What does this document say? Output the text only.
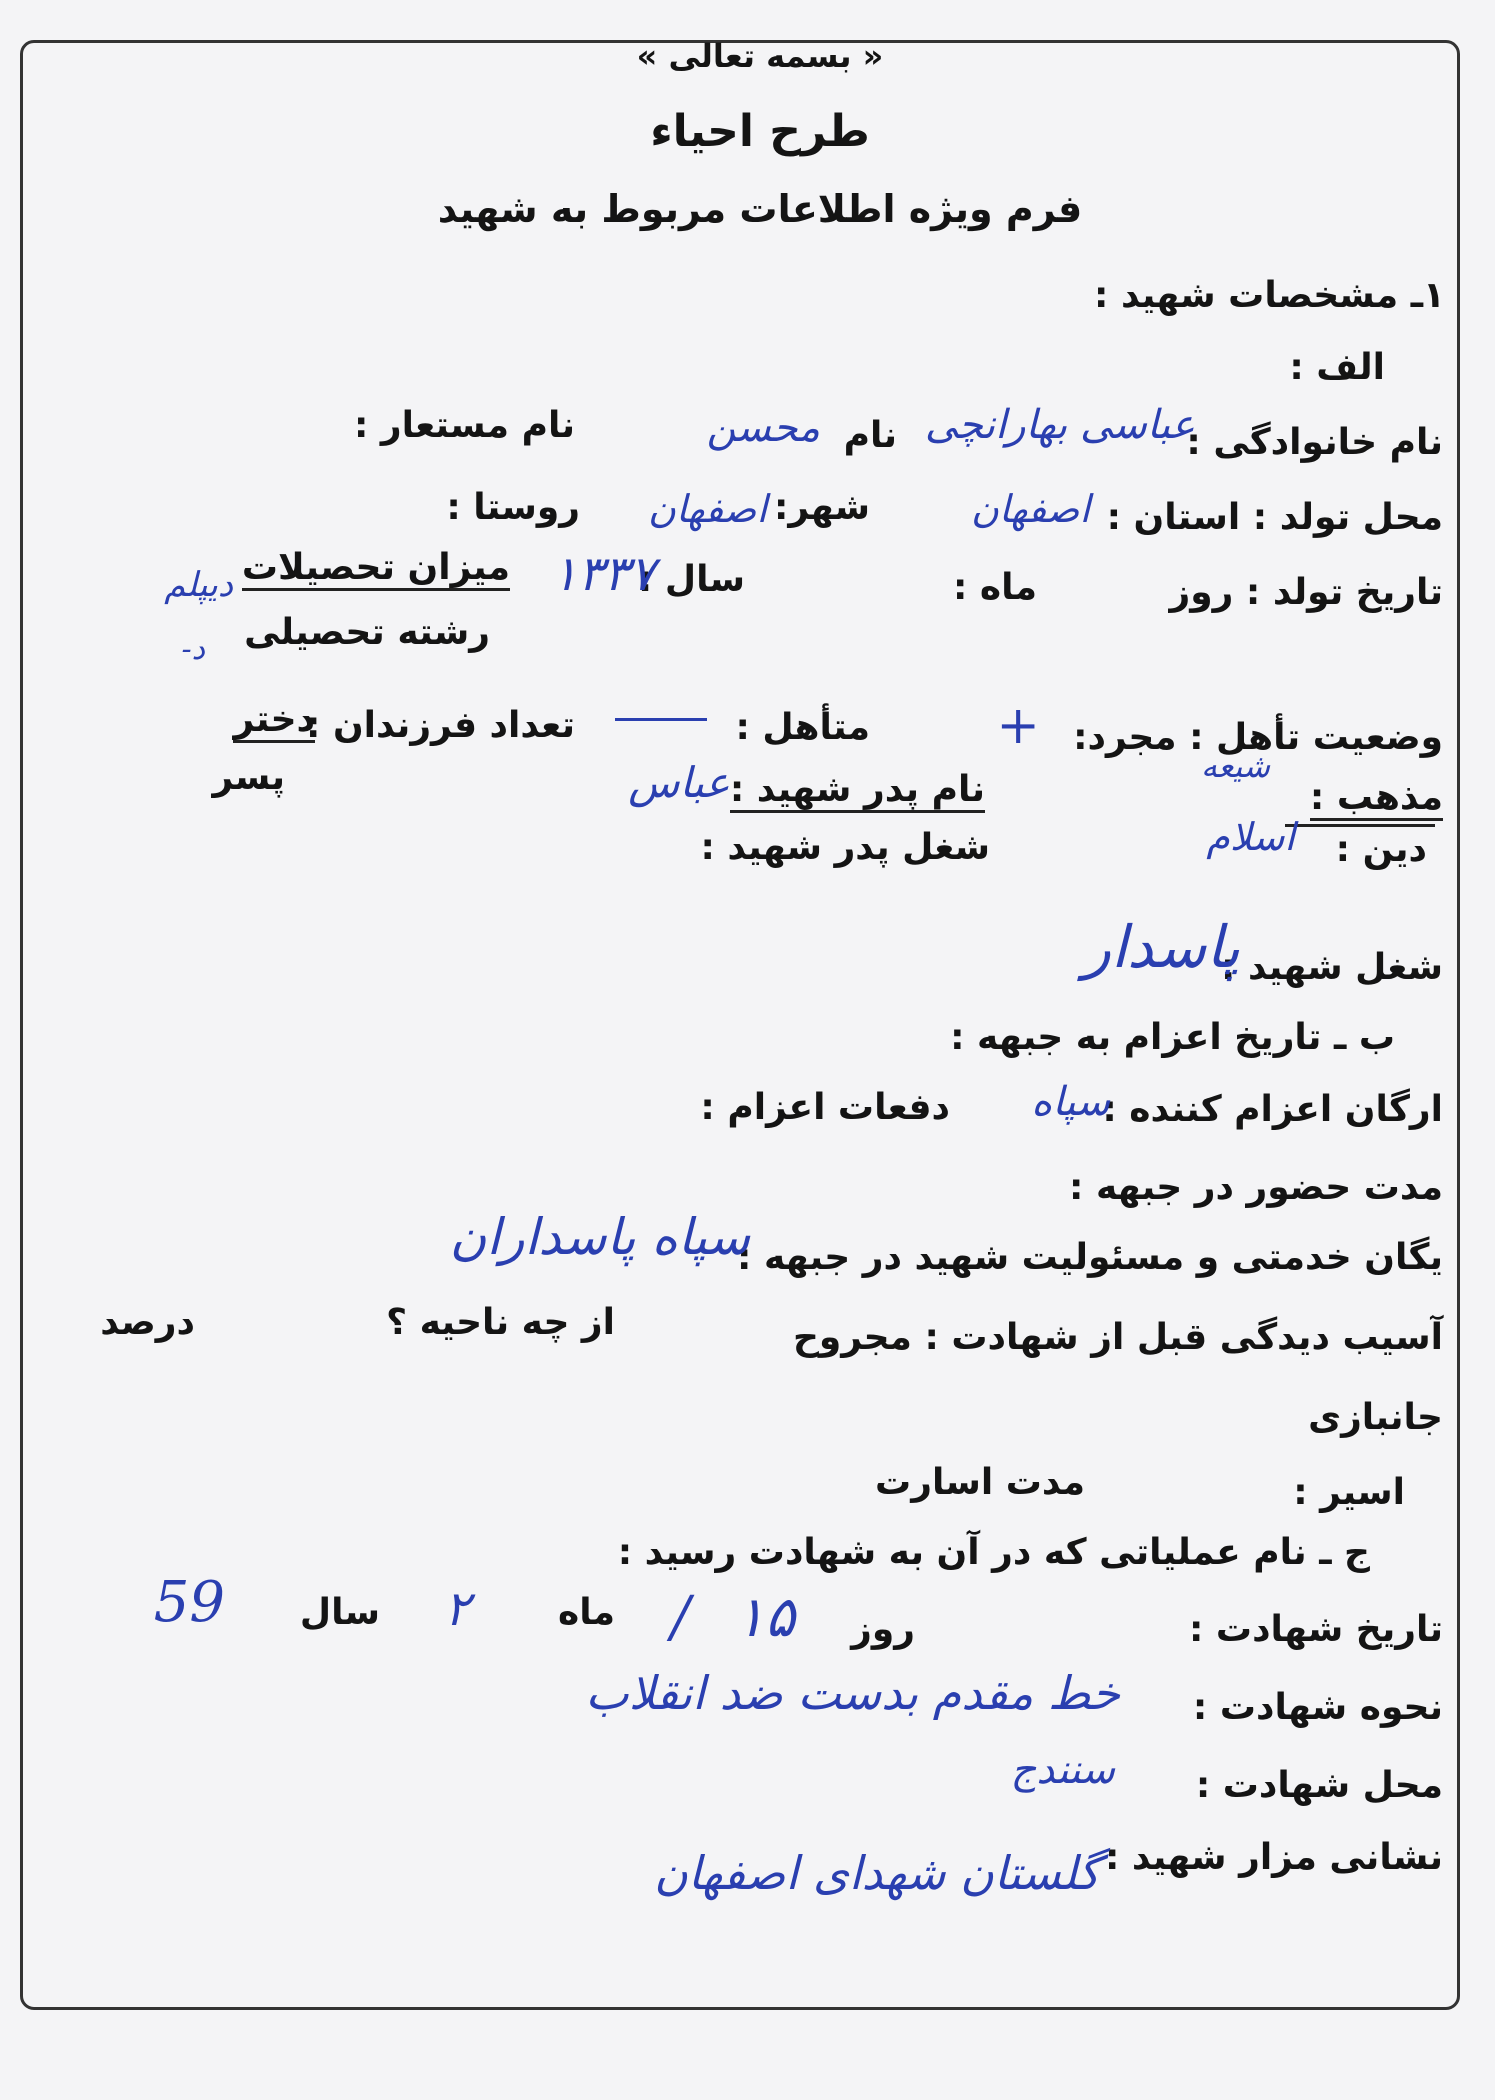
« بسمه تعالی »
طرح احیاء
فرم ویژه اطلاعات مربوط به شهید
۱ـ مشخصات شهید :
الف :
نام خانوادگی :
عباسی بهارانچی
نام
محسن
نام مستعار :
محل تولد : استان :
اصفهان
شهر:
اصفهان
روستا :
تاریخ تولد : روز
ماه :
سال :
۱۳۳۷
میزان تحصیلات
رشته تحصیلی
دیپلم
د-
وضعیت تأهل : مجرد:
+
متأهل :
تعداد فرزندان :
دختر
پسر	مذهب :
شیعه
نام پدر شهید :
عباس
دین :
اسلام
شغل پدر شهید :
شغل شهید :
پاسدار
ب ـ تاریخ اعزام به جبهه :
ارگان اعزام کننده :
سپاه
دفعات اعزام :
مدت حضور در جبهه :
یگان خدمتی و مسئولیت شهید در جبهه :
سپاه پاسداران
آسیب دیدگی قبل از شهادت : مجروح
از چه ناحیه ؟
درصد
جانبازی
اسیر :
مدت اسارت
ج ـ نام عملیاتی که در آن به شهادت رسید :
تاریخ شهادت :
روز
۱۵
/
ماه
۲
سال
59
نحوه شهادت :
خط مقدم بدست ضد انقلاب
محل شهادت :
سنندج
نشانی مزار شهید :
گلستان شهدای اصفهان
